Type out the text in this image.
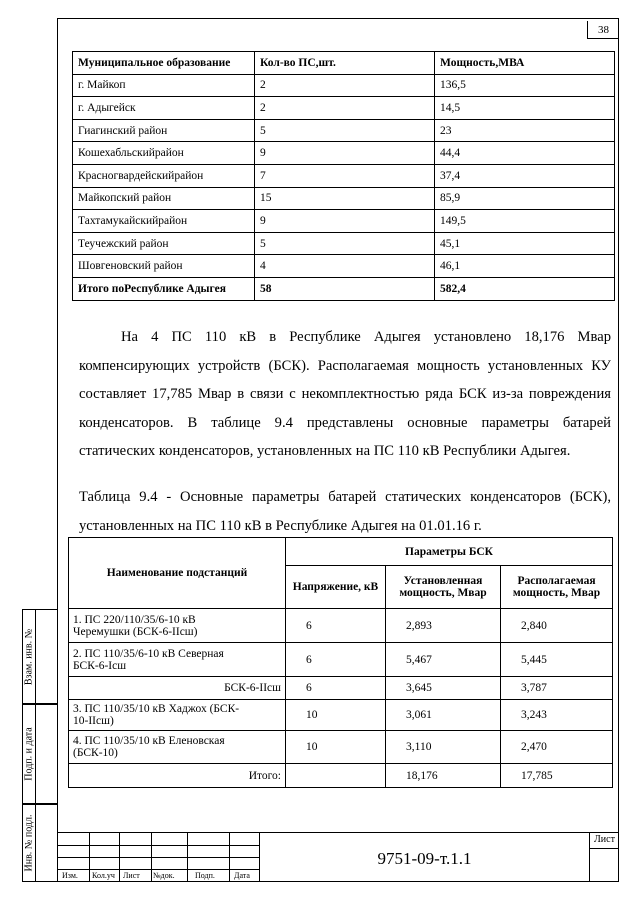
38
Взам. инв. №
Подп. и дата
Инв. № подл.
Муниципальное образование	Кол-во ПС,шт.	Мощность,МВА
г. Майкоп	2	136,5
г. Адыгейск	2	14,5
Гиагинский район	5	23
Кошехабльскийрайон	9	44,4
Красногвардейскийрайон	7	37,4
Майкопский район	15	85,9
Тахтамукайскийрайон	9	149,5
Теучежский район	5	45,1
Шовгеновский район	4	46,1
Итого поРеспублике Адыгея	58	582,4

На 4 ПС 110 кВ в Республике Адыгея установлено 18,176 Мвар компенсирующих устройств (БСК). Располагаемая мощность установленных КУ составляет 17,785 Мвар в связи с некомплектностью ряда БСК из-за повреждения конденсаторов. В таблице 9.4 представлены основные параметры батарей статических конденсаторов, установленных на ПС 110 кВ Республики Адыгея.

Таблица 9.4 - Основные параметры батарей статических конденсаторов (БСК), установленных на ПС 110 кВ в Республике Адыгея на 01.01.16 г.

Наименование подстанций	Параметры БСК		
	Напряжение, кВ	Установленная мощность, Мвар	Располагаемая мощность, Мвар

1. ПС 220/110/35/6-10 кВ
Черемушки (БСК-6-IIсш)	6	2,893	2,840

2. ПС 110/35/6-10 кВ Северная
БСК-6-Iсш	6	5,467	5,445
БСК-6-IIсш	6	3,645	3,787

3. ПС 110/35/10 кВ Хаджох (БСК-
10-IIсш)	10	3,061	3,243

4. ПС 110/35/10 кВ Еленовская
(БСК-10)	10	3,110	2,470
Итого:		18,176	17,785
Изм. Кол.уч Лист №док.	Подп. Дата
9751-09-т.1.1
Лист
